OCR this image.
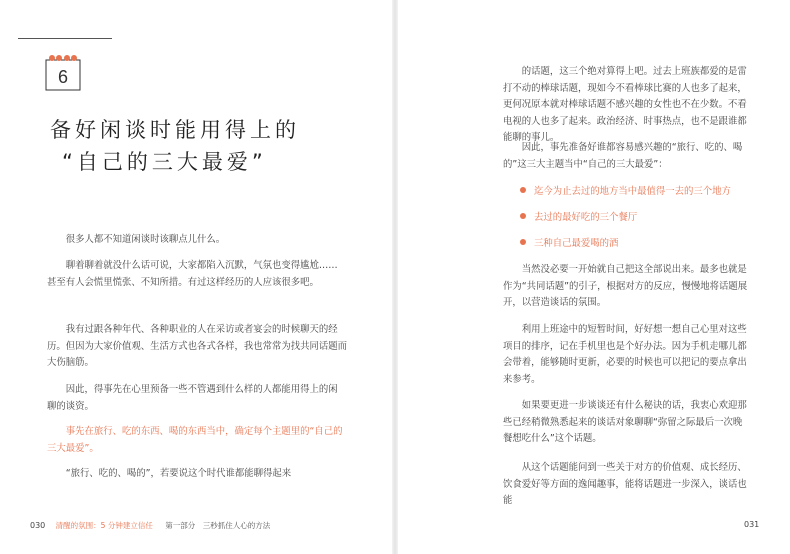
6
备好闲谈时能用得上的
“自己的三大最爱”

很多人都不知道闲谈时该聊点儿什么。

聊着聊着就没什么话可说，大家都陷入沉默，气氛也变得尴尬……甚至有人会慌里慌张、不知所措。有过这样经历的人应该很多吧。

我有过跟各种年代、各种职业的人在采访或者宴会的时候聊天的经历。但因为大家价值观、生活方式也各式各样，我也常常为找共同话题而大伤脑筋。

因此，得事先在心里预备一些不管遇到什么样的人都能用得上的闲聊的谈资。

事先在旅行、吃的东西、喝的东西当中，确定每个主题里的“自己的三大最爱”。

“旅行、吃的、喝的”，若要说这个时代谁都能聊得起来

030 清醒的氛围：5 分钟建立信任 第一部分　三秒抓住人心的方法

的话题，这三个绝对算得上吧。过去上班族都爱的是雷打不动的棒球话题，现如今不看棒球比赛的人也多了起来，更何况原本就对棒球话题不感兴趣的女性也不在少数。不看电视的人也多了起来。政治经济、时事热点，也不是跟谁都能聊的事儿。

因此，事先准备好谁都容易感兴趣的“旅行、吃的、喝的”这三大主题当中“自己的三大最爱”：

迄今为止去过的地方当中最值得一去的三个地方
去过的最好吃的三个餐厅
三种自己最爱喝的酒

当然没必要一开始就自己把这全部说出来。最多也就是作为“共同话题”的引子，根据对方的反应，慢慢地将话题展开，以营造谈话的氛围。

利用上班途中的短暂时间，好好想一想自己心里对这些项目的排序，记在手机里也是个好办法。因为手机走哪儿都会带着，能够随时更新，必要的时候也可以把记的要点拿出来参考。

如果要更进一步谈谈还有什么秘诀的话，我衷心欢迎那些已经稍微熟悉起来的谈话对象聊聊“弥留之际最后一次晚餐想吃什么”这个话题。

从这个话题能问到一些关于对方的价值观、成长经历、饮食爱好等方面的逸闻趣事，能将话题进一步深入，谈话也能

031
